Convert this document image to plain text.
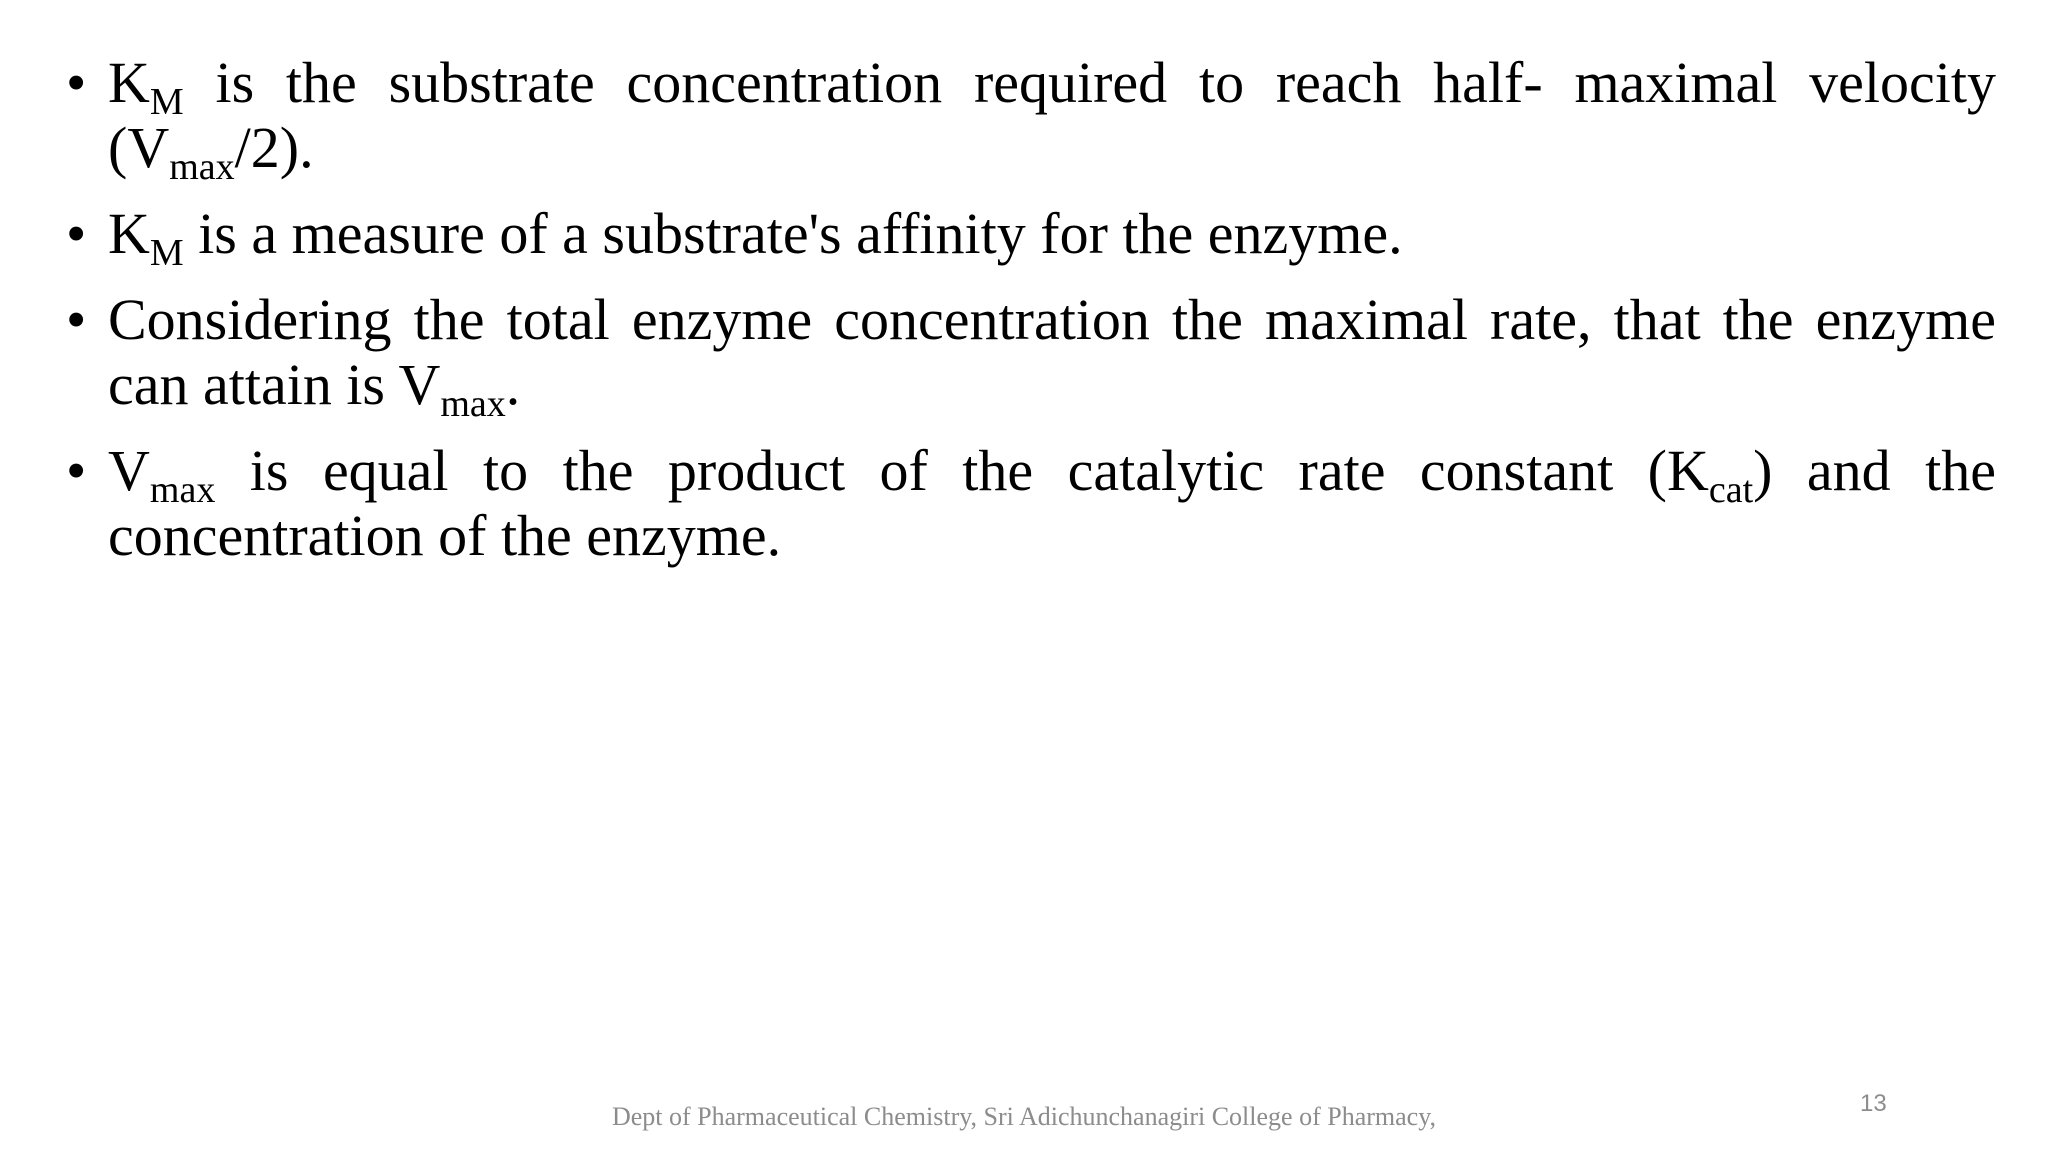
• $K_M$ is the substrate concentration required to reach half- maximal velocity $(V_{max}/2)$.
• $K_M$ is a measure of a substrate's affinity for the enzyme.
• Considering the total enzyme concentration the maximal rate, that the enzyme can attain is $V_{max}$.
• $V_{max}$ is equal to the product of the catalytic rate constant $(K_{cat})$ and the concentration of the enzyme.
Dept of Pharmaceutical Chemistry, Sri Adichunchanagiri College of Pharmacy,	13
